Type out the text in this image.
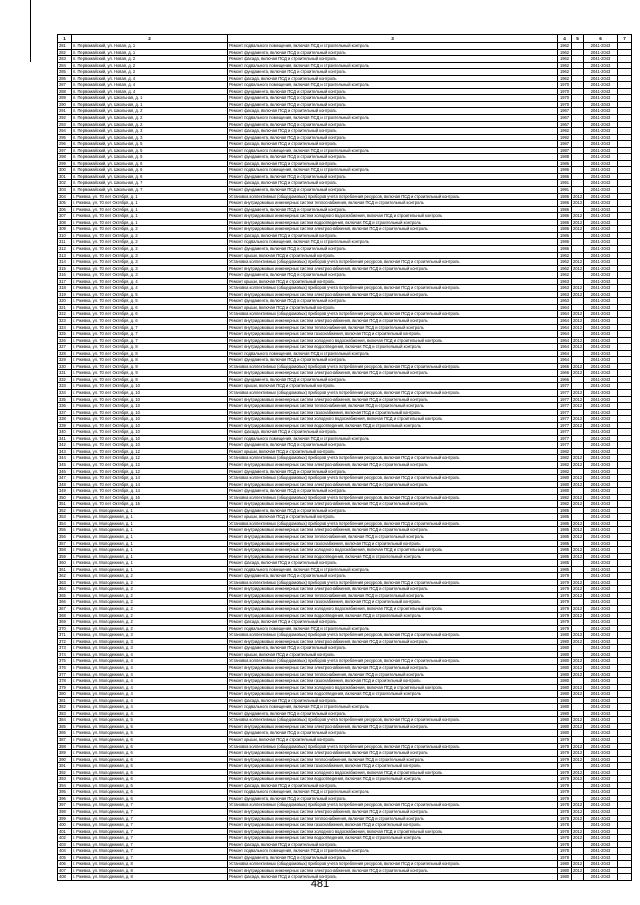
1	2	3	4	5	6	7
281	п. Первомайский, ул. Новая, д. 1	Ремонт подвального помещения, включая ПСД и строительный контроль	1962		2041-2043	
282	п. Первомайский, ул. Новая, д. 1	Ремонт фундамента, включая ПСД и строительный контроль	1962		2041-2043	
283	п. Первомайский, ул. Новая, д. 2	Ремонт фасада, включая ПСД и строительный контроль	1962		2041-2043	
284	п. Первомайский, ул. Новая, д. 2	Ремонт подвального помещения, включая ПСД и строительный контроль	1962		2041-2043	
285	п. Первомайский, ул. Новая, д. 2	Ремонт фундамента, включая ПСД и строительный контроль	1962		2041-2043	
286	п. Первомайский, ул. Новая, д. 4	Ремонт фасада, включая ПСД и строительный контроль	1962		2041-2043	
287	п. Первомайский, ул. Новая, д. 4	Ремонт подвального помещения, включая ПСД и строительный контроль	1970		2041-2043	
288	п. Первомайский, ул. Новая, д. 4	Ремонт фундамента, включая ПСД и строительный контроль	1970		2041-2043	
289	п. Первомайский, ул. Школьная, д. 1	Ремонт фундамента, включая ПСД и строительный контроль	1970		2041-2043	
290	п. Первомайский, ул. Школьная, д. 1	Ремонт фундамента, включая ПСД и строительный контроль	1970		2041-2043	
291	п. Первомайский, ул. Школьная, д. 2	Ремонт фасада, включая ПСД и строительный контроль	1967		2041-2043	
292	п. Первомайский, ул. Школьная, д. 2	Ремонт подвального помещения, включая ПСД и строительный контроль	1967		2041-2043	
293	п. Первомайский, ул. Школьная, д. 2	Ремонт фундамента, включая ПСД и строительный контроль	1967		2041-2043	
294	п. Первомайский, ул. Школьная, д. 3	Ремонт фасада, включая ПСД и строительный контроль	1992		2041-2043	
295	п. Первомайский, ул. Школьная, д. 3	Ремонт фундамента, включая ПСД и строительный контроль	1992		2041-2043	
296	п. Первомайский, ул. Школьная, д. 5	Ремонт фасада, включая ПСД и строительный контроль	1987		2041-2043	
297	п. Первомайский, ул. Школьная, д. 5	Ремонт подвального помещения, включая ПСД и строительный контроль	1987		2041-2043	
298	п. Первомайский, ул. Школьная, д. 5	Ремонт фундамента, включая ПСД и строительный контроль	1988		2041-2043	
299	п. Первомайский, ул. Школьная, д. 6	Ремонт фасада, включая ПСД и строительный контроль	1986		2041-2043	
300	п. Первомайский, ул. Школьная, д. 6	Ремонт подвального помещения, включая ПСД и строительный контроль	1986		2041-2043	
301	п. Первомайский, ул. Школьная, д. 6	Ремонт фундамента, включая ПСД и строительный контроль	1986		2041-2043	
302	п. Первомайский, ул. Школьная, д. 7	Ремонт фасада, включая ПСД и строительный контроль	1991		2041-2043	
303	п. Первомайский, ул. Школьная, д. 7	Ремонт фундамента, включая ПСД и строительный контроль	1991		2041-2043	
304	г. Ржевка, ул. 70 лет Октября, д. 1	Установка коллективных (общедомовых) приборов учета потребления ресурсов, включая ПСД и строительный контроль	1986	2012	2041-2043	
305	г. Ржевка, ул. 70 лет Октября, д. 1	Ремонт внутридомовых инженерных систем теплоснабжения, включая ПСД и строительный контроль	1986	2012	2041-2043	
306	г. Ржевка, ул. 70 лет Октября, д. 1	Ремонт фундамента, включая ПСД и строительный контроль	1986		2041-2043	
307	г. Ржевка, ул. 70 лет Октября, д. 1	Ремонт внутридомовых инженерных систем холодного водоснабжения, включая ПСД и строительный контроль	1986	2012	2041-2043	
308	г. Ржевка, ул. 70 лет Октября, д. 1	Ремонт внутридомовых инженерных систем водоотведения, включая ПСД и строительный контроль	1986	2012	2041-2043	
309	г. Ржевка, ул. 70 лет Октября, д. 2	Ремонт внутридомовых инженерных систем электроснабжения, включая ПСД и строительный контроль	1986	2012	2041-2043	
310	г. Ржевка, ул. 70 лет Октября, д. 2	Ремонт фасада, включая ПСД и строительный контроль	1986		2041-2043	
311	г. Ржевка, ул. 70 лет Октября, д. 2	Ремонт подвального помещения, включая ПСД и строительный контроль	1986		2041-2043	
312	г. Ржевка, ул. 70 лет Октября, д. 2	Ремонт фундамента, включая ПСД и строительный контроль	1986		2041-2043	
313	г. Ржевка, ул. 70 лет Октября, д. 3	Ремонт крыши, включая ПСД и строительный контроль	1962		2041-2043	
314	г. Ржевка, ул. 70 лет Октября, д. 3	Установка коллективных (общедомовых) приборов учета потребления ресурсов, включая ПСД и строительный контроль	1962	2012	2041-2043	
315	г. Ржевка, ул. 70 лет Октября, д. 3	Ремонт внутридомовых инженерных систем электроснабжения, включая ПСД и строительный контроль	1962	2012	2041-2043	
316	г. Ржевка, ул. 70 лет Октября, д. 3	Ремонт фундамента, включая ПСД и строительный контроль	1962		2041-2043	
317	г. Ржевка, ул. 70 лет Октября, д. 4	Ремонт крыши, включая ПСД и строительный контроль	1963		2041-2043	
318	г. Ржевка, ул. 70 лет Октября, д. 4	Установка коллективных (общедомовых) приборов учета потребления ресурсов, включая ПСД и строительный контроль	1963	2012	2041-2043	
319	г. Ржевка, ул. 70 лет Октября, д. 5	Ремонт внутридомовых инженерных систем электроснабжения, включая ПСД и строительный контроль	1963	2012	2041-2043	
320	г. Ржевка, ул. 70 лет Октября, д. 5	Ремонт фундамента, включая ПСД и строительный контроль	1963		2041-2043	
321	г. Ржевка, ул. 70 лет Октября, д. 6	Ремонт крыши, включая ПСД и строительный контроль	1964		2041-2043	
322	г. Ржевка, ул. 70 лет Октября, д. 6	Установка коллективных (общедомовых) приборов учета потребления ресурсов, включая ПСД и строительный контроль	1964	2012	2041-2043	
323	г. Ржевка, ул. 70 лет Октября, д. 6	Ремонт внутридомовых инженерных систем электроснабжения, включая ПСД и строительный контроль	1964	2012	2041-2043	
324	г. Ржевка, ул. 70 лет Октября, д. 7	Ремонт внутридомовых инженерных систем теплоснабжения, включая ПСД и строительный контроль	1964	2012	2041-2043	
325	г. Ржевка, ул. 70 лет Октября, д. 7	Ремонт внутридомовых инженерных систем газоснабжения, включая ПСД и строительный контроль	1964		2041-2043	
326	г. Ржевка, ул. 70 лет Октября, д. 7	Ремонт внутридомовых инженерных систем холодного водоснабжения, включая ПСД и строительный контроль	1964	2012	2041-2043	
327	г. Ржевка, ул. 70 лет Октября, д. 8	Ремонт внутридомовых инженерных систем водоотведения, включая ПСД и строительный контроль	1964	2012	2041-2043	
328	г. Ржевка, ул. 70 лет Октября, д. 8	Ремонт подвального помещения, включая ПСД и строительный контроль	1964		2041-2043	
329	г. Ржевка, ул. 70 лет Октября, д. 8	Ремонт фундамента, включая ПСД и строительный контроль	1964		2041-2043	
330	г. Ржевка, ул. 70 лет Октября, д. 9	Установка коллективных (общедомовых) приборов учета потребления ресурсов, включая ПСД и строительный контроль	1966	2012	2041-2043	
331	г. Ржевка, ул. 70 лет Октября, д. 9	Ремонт внутридомовых инженерных систем электроснабжения, включая ПСД и строительный контроль	1966	2012	2041-2043	
332	г. Ржевка, ул. 70 лет Октября, д. 9	Ремонт фундамента, включая ПСД и строительный контроль	1966		2041-2043	
333	г. Ржевка, ул. 70 лет Октября, д. 10	Ремонт крыши, включая ПСД и строительный контроль	1977		2041-2043	
334	г. Ржевка, ул. 70 лет Октября, д. 10	Установка коллективных (общедомовых) приборов учета потребления ресурсов, включая ПСД и строительный контроль	1977	2012	2041-2043	
335	г. Ржевка, ул. 70 лет Октября, д. 10	Ремонт внутридомовых инженерных систем электроснабжения, включая ПСД и строительный контроль	1977	2012	2041-2043	
336	г. Ржевка, ул. 70 лет Октября, д. 10	Ремонт внутридомовых инженерных систем теплоснабжения, включая ПСД и строительный контроль	1977	2012	2041-2043	
337	г. Ржевка, ул. 70 лет Октября, д. 10	Ремонт внутридомовых инженерных систем газоснабжения, включая ПСД и строительный контроль	1977		2041-2043	
338	г. Ржевка, ул. 70 лет Октября, д. 10	Ремонт внутридомовых инженерных систем холодного водоснабжения, включая ПСД и строительный контроль	1977	2012	2041-2043	
339	г. Ржевка, ул. 70 лет Октября, д. 10	Ремонт внутридомовых инженерных систем водоотведения, включая ПСД и строительный контроль	1977	2012	2041-2043	
340	г. Ржевка, ул. 70 лет Октября, д. 10	Ремонт фасада, включая ПСД и строительный контроль	1977		2041-2043	
341	г. Ржевка, ул. 70 лет Октября, д. 10	Ремонт подвального помещения, включая ПСД и строительный контроль	1977		2041-2043	
342	г. Ржевка, ул. 70 лет Октября, д. 10	Ремонт фундамента, включая ПСД и строительный контроль	1977		2041-2043	
343	г. Ржевка, ул. 70 лет Октября, д. 12	Ремонт крыши, включая ПСД и строительный контроль	1982		2041-2043	
344	г. Ржевка, ул. 70 лет Октября, д. 12	Установка коллективных (общедомовых) приборов учета потребления ресурсов, включая ПСД и строительный контроль	1982	2012	2041-2043	
345	г. Ржевка, ул. 70 лет Октября, д. 12	Ремонт внутридомовых инженерных систем электроснабжения, включая ПСД и строительный контроль	1982	2012	2041-2043	
346	г. Ржевка, ул. 70 лет Октября, д. 12	Ремонт фундамента, включая ПСД и строительный контроль	1982		2041-2043	
347	г. Ржевка, ул. 70 лет Октября, д. 14	Установка коллективных (общедомовых) приборов учета потребления ресурсов, включая ПСД и строительный контроль	1980	2012	2041-2043	
348	г. Ржевка, ул. 70 лет Октября, д. 14	Ремонт внутридомовых инженерных систем электроснабжения, включая ПСД и строительный контроль	1980	2012	2041-2043	
349	г. Ржевка, ул. 70 лет Октября, д. 14	Ремонт фундамента, включая ПСД и строительный контроль	1980		2041-2043	
350	г. Ржевка, ул. 70 лет Октября, д. 16	Установка коллективных (общедомовых) приборов учета потребления ресурсов, включая ПСД и строительный контроль	1982	2012	2041-2043	
351	г. Ржевка, ул. 70 лет Октября, д. 16	Ремонт внутридомовых инженерных систем электроснабжения, включая ПСД и строительный контроль	1982	2012	2041-2043	
352	г. Ржевка, ул. Молодежная, д. 1	Ремонт фундамента, включая ПСД и строительный контроль	1985		2041-2043	
353	г. Ржевка, ул. Молодежная, д. 1	Ремонт крыши, включая ПСД и строительный контроль	1985		2041-2043	
354	г. Ржевка, ул. Молодежная, д. 1	Установка коллективных (общедомовых) приборов учета потребления ресурсов, включая ПСД и строительный контроль	1985	2012	2041-2043	
355	г. Ржевка, ул. Молодежная, д. 1	Ремонт внутридомовых инженерных систем электроснабжения, включая ПСД и строительный контроль	1985	2012	2041-2043	
356	г. Ржевка, ул. Молодежная, д. 1	Ремонт внутридомовых инженерных систем теплоснабжения, включая ПСД и строительный контроль	1985	2012	2041-2043	
357	г. Ржевка, ул. Молодежная, д. 1	Ремонт внутридомовых инженерных систем газоснабжения, включая ПСД и строительный контроль	1985		2041-2043	
358	г. Ржевка, ул. Молодежная, д. 1	Ремонт внутридомовых инженерных систем холодного водоснабжения, включая ПСД и строительный контроль	1985	2012	2041-2043	
359	г. Ржевка, ул. Молодежная, д. 1	Ремонт внутридомовых инженерных систем водоотведения, включая ПСД и строительный контроль	1985	2012	2041-2043	
360	г. Ржевка, ул. Молодежная, д. 1	Ремонт фасада, включая ПСД и строительный контроль	1985		2041-2043	
361	г. Ржевка, ул. Молодежная, д. 1	Ремонт подвального помещения, включая ПСД и строительный контроль	1985		2041-2043	
362	г. Ржевка, ул. Молодежная, д. 2	Ремонт фундамента, включая ПСД и строительный контроль	1979		2041-2043	
363	г. Ржевка, ул. Молодежная, д. 2	Установка коллективных (общедомовых) приборов учета потребления ресурсов, включая ПСД и строительный контроль	1979	2012	2041-2043	
364	г. Ржевка, ул. Молодежная, д. 2	Ремонт внутридомовых инженерных систем электроснабжения, включая ПСД и строительный контроль	1979	2012	2041-2043	
365	г. Ржевка, ул. Молодежная, д. 2	Ремонт внутридомовых инженерных систем теплоснабжения, включая ПСД и строительный контроль	1979	2012	2041-2043	
366	г. Ржевка, ул. Молодежная, д. 2	Ремонт внутридомовых инженерных систем газоснабжения, включая ПСД и строительный контроль	1979		2041-2043	
367	г. Ржевка, ул. Молодежная, д. 2	Ремонт внутридомовых инженерных систем холодного водоснабжения, включая ПСД и строительный контроль	1979	2012	2041-2043	
368	г. Ржевка, ул. Молодежная, д. 2	Ремонт внутридомовых инженерных систем водоотведения, включая ПСД и строительный контроль	1979	2012	2041-2043	
369	г. Ржевка, ул. Молодежная, д. 2	Ремонт фасада, включая ПСД и строительный контроль	1979		2041-2043	
370	г. Ржевка, ул. Молодежная, д. 2	Ремонт подвального помещения, включая ПСД и строительный контроль	1979		2041-2043	
371	г. Ржевка, ул. Молодежная, д. 3	Установка коллективных (общедомовых) приборов учета потребления ресурсов, включая ПСД и строительный контроль	1980	2012	2041-2043	
372	г. Ржевка, ул. Молодежная, д. 3	Ремонт внутридомовых инженерных систем электроснабжения, включая ПСД и строительный контроль	1980	2012	2041-2043	
373	г. Ржевка, ул. Молодежная, д. 3	Ремонт фундамента, включая ПСД и строительный контроль	1980		2041-2043	
374	г. Ржевка, ул. Молодежная, д. 4	Ремонт крыши, включая ПСД и строительный контроль	1980		2041-2043	
375	г. Ржевка, ул. Молодежная, д. 4	Установка коллективных (общедомовых) приборов учета потребления ресурсов, включая ПСД и строительный контроль	1980	2012	2041-2043	
376	г. Ржевка, ул. Молодежная, д. 4	Ремонт внутридомовых инженерных систем электроснабжения, включая ПСД и строительный контроль	1980	2012	2041-2043	
377	г. Ржевка, ул. Молодежная, д. 4	Ремонт внутридомовых инженерных систем теплоснабжения, включая ПСД и строительный контроль	1980	2012	2041-2043	
378	г. Ржевка, ул. Молодежная, д. 4	Ремонт внутридомовых инженерных систем газоснабжения, включая ПСД и строительный контроль	1980		2041-2043	
379	г. Ржевка, ул. Молодежная, д. 4	Ремонт внутридомовых инженерных систем холодного водоснабжения, включая ПСД и строительный контроль	1980	2012	2041-2043	
380	г. Ржевка, ул. Молодежная, д. 4	Ремонт внутридомовых инженерных систем водоотведения, включая ПСД и строительный контроль	1980	2012	2041-2043	
381	г. Ржевка, ул. Молодежная, д. 4	Ремонт фасада, включая ПСД и строительный контроль	1980		2041-2043	
382	г. Ржевка, ул. Молодежная, д. 4	Ремонт подвального помещения, включая ПСД и строительный контроль	1980		2041-2043	
383	г. Ржевка, ул. Молодежная, д. 4	Ремонт фундамента, включая ПСД и строительный контроль	1980		2041-2043	
384	г. Ржевка, ул. Молодежная, д. 5	Установка коллективных (общедомовых) приборов учета потребления ресурсов, включая ПСД и строительный контроль	1980	2012	2041-2043	
385	г. Ржевка, ул. Молодежная, д. 5	Ремонт внутридомовых инженерных систем электроснабжения, включая ПСД и строительный контроль	1980	2012	2041-2043	
386	г. Ржевка, ул. Молодежная, д. 5	Ремонт фундамента, включая ПСД и строительный контроль	1980		2041-2043	
387	г. Ржевка, ул. Молодежная, д. 6	Ремонт крыши, включая ПСД и строительный контроль	1979		2041-2043	
388	г. Ржевка, ул. Молодежная, д. 6	Установка коллективных (общедомовых) приборов учета потребления ресурсов, включая ПСД и строительный контроль	1979	2012	2041-2043	
389	г. Ржевка, ул. Молодежная, д. 6	Ремонт внутридомовых инженерных систем электроснабжения, включая ПСД и строительный контроль	1979	2012	2041-2043	
390	г. Ржевка, ул. Молодежная, д. 6	Ремонт внутридомовых инженерных систем теплоснабжения, включая ПСД и строительный контроль	1979	2012	2041-2043	
391	г. Ржевка, ул. Молодежная, д. 6	Ремонт внутридомовых инженерных систем газоснабжения, включая ПСД и строительный контроль	1979		2041-2043	
392	г. Ржевка, ул. Молодежная, д. 6	Ремонт внутридомовых инженерных систем холодного водоснабжения, включая ПСД и строительный контроль	1979	2012	2041-2043	
393	г. Ржевка, ул. Молодежная, д. 6	Ремонт внутридомовых инженерных систем водоотведения, включая ПСД и строительный контроль	1979	2012	2041-2043	
394	г. Ржевка, ул. Молодежная, д. 6	Ремонт фасада, включая ПСД и строительный контроль	1979		2041-2043	
395	г. Ржевка, ул. Молодежная, д. 6	Ремонт подвального помещения, включая ПСД и строительный контроль	1979		2041-2043	
396	г. Ржевка, ул. Молодежная, д. 6	Ремонт фундамента, включая ПСД и строительный контроль	1979		2041-2043	
397	г. Ржевка, ул. Молодежная, д. 7	Установка коллективных (общедомовых) приборов учета потребления ресурсов, включая ПСД и строительный контроль	1978	2012	2041-2043	
398	г. Ржевка, ул. Молодежная, д. 7	Ремонт внутридомовых инженерных систем электроснабжения, включая ПСД и строительный контроль	1978	2012	2041-2043	
399	г. Ржевка, ул. Молодежная, д. 7	Ремонт внутридомовых инженерных систем теплоснабжения, включая ПСД и строительный контроль	1978	2012	2041-2043	
400	г. Ржевка, ул. Молодежная, д. 7	Ремонт внутридомовых инженерных систем газоснабжения, включая ПСД и строительный контроль	1978		2041-2043	
401	г. Ржевка, ул. Молодежная, д. 7	Ремонт внутридомовых инженерных систем холодного водоснабжения, включая ПСД и строительный контроль	1978	2012	2041-2043	
402	г. Ржевка, ул. Молодежная, д. 7	Ремонт внутридомовых инженерных систем водоотведения, включая ПСД и строительный контроль	1978	2012	2041-2043	
403	г. Ржевка, ул. Молодежная, д. 7	Ремонт фасада, включая ПСД и строительный контроль	1978		2041-2043	
404	г. Ржевка, ул. Молодежная, д. 7	Ремонт подвального помещения, включая ПСД и строительный контроль	1978		2041-2043	
405	г. Ржевка, ул. Молодежная, д. 7	Ремонт фундамента, включая ПСД и строительный контроль	1978		2041-2043	
406	г. Ржевка, ул. Молодежная, д. 8	Установка коллективных (общедомовых) приборов учета потребления ресурсов, включая ПСД и строительный контроль	1980	2012	2041-2043	
407	г. Ржевка, ул. Молодежная, д. 8	Ремонт внутридомовых инженерных систем электроснабжения, включая ПСД и строительный контроль	1980	2012	2041-2043	
408	г. Ржевка, ул. Молодежная, д. 8	Ремонт фасада, включая ПСД и строительный контроль	1980		2041-2043	
481
